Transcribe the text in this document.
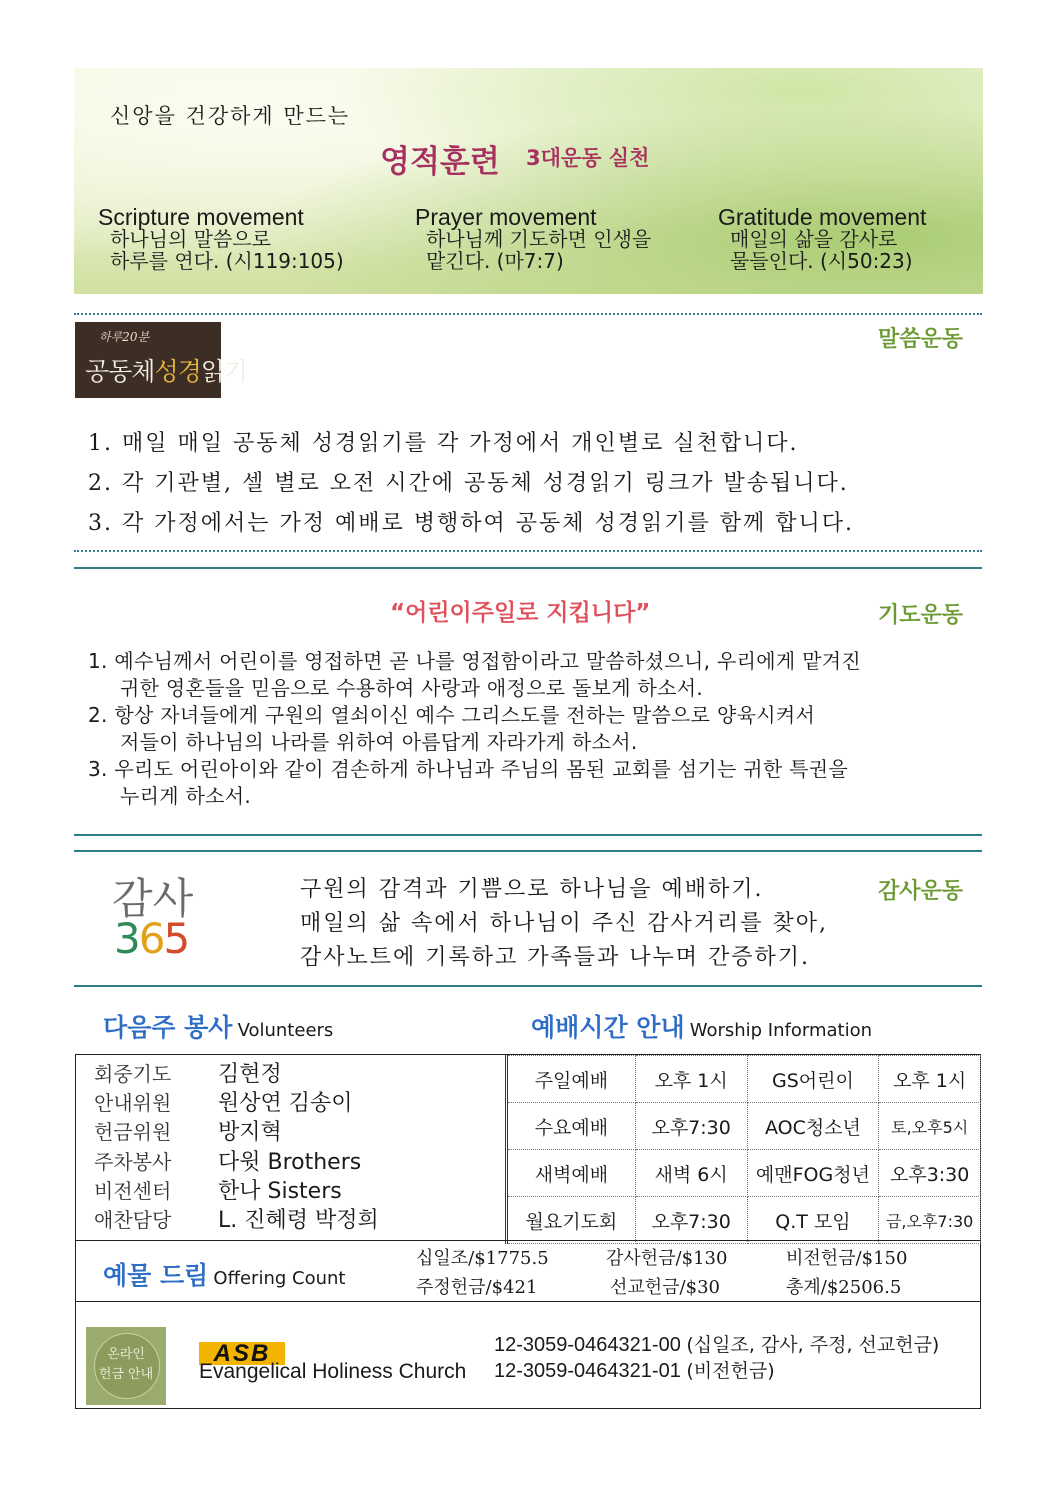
신앙을 건강하게 만드는
영적훈련 3대운동 실천
Scripture movement
하나님의 말씀으로
하루를 연다. (시119:105)
Prayer movement
하나님께 기도하면 인생을
맡긴다. (마7:7)
Gratitude movement
매일의 삶을 감사로
물들인다. (시50:23)
하루20분
공동체성경읽기
말씀운동
1. 매일 매일 공동체 성경읽기를 각 가정에서 개인별로 실천합니다.
2. 각 기관별, 셀 별로 오전 시간에 공동체 성경읽기 링크가 발송됩니다.
3. 각 가정에서는 가정 예배로 병행하여 공동체 성경읽기를 함께 합니다.
“어린이주일로 지킵니다”	기도운동
1. 예수님께서 어린이를 영접하면 곧 나를 영접함이라고 말씀하셨으니, 우리에게 맡겨진
귀한 영혼들을 믿음으로 수용하여 사랑과 애정으로 돌보게 하소서.
2. 항상 자녀들에게 구원의 열쇠이신 예수 그리스도를 전하는 말씀으로 양육시켜서
저들이 하나님의 나라를 위하여 아름답게 자라가게 하소서.
3. 우리도 어린아이와 같이 겸손하게 하나님과 주님의 몸된 교회를 섬기는 귀한 특권을
누리게 하소서.
감사
365
감사운동
구원의 감격과 기쁨으로 하나님을 예배하기.
매일의 삶 속에서 하나님이 주신 감사거리를 찾아,
감사노트에 기록하고 가족들과 나누며 간증하기.
다음주 봉사 Volunteers	예배시간 안내 Worship Information
회중기도 김현정
안내위원 원상연 김송이
헌금위원 방지혁
주차봉사 다윗 Brothers
비전센터 한나 Sisters
애찬담당 L. 진혜령 박정희
주일예배	오후 1시	GS어린이	오후 1시
수요예배	오후7:30	AOC청소년	토,오후5시
새벽예배	새벽 6시	예맨FOG청년	오후3:30
월요기도회	오후7:30	Q.T 모임	금,오후7:30
예물 드림 Offering Count
십일조/$1775.5	감사헌금/$130	비전헌금/$150
주정헌금/$421	선교헌금/$30	총계/$2506.5
온라인
헌금 안내
ASB
Evangelical Holiness Church
12-3059-0464321-00 (십일조, 감사, 주정, 선교헌금)
12-3059-0464321-01 (비전헌금)
